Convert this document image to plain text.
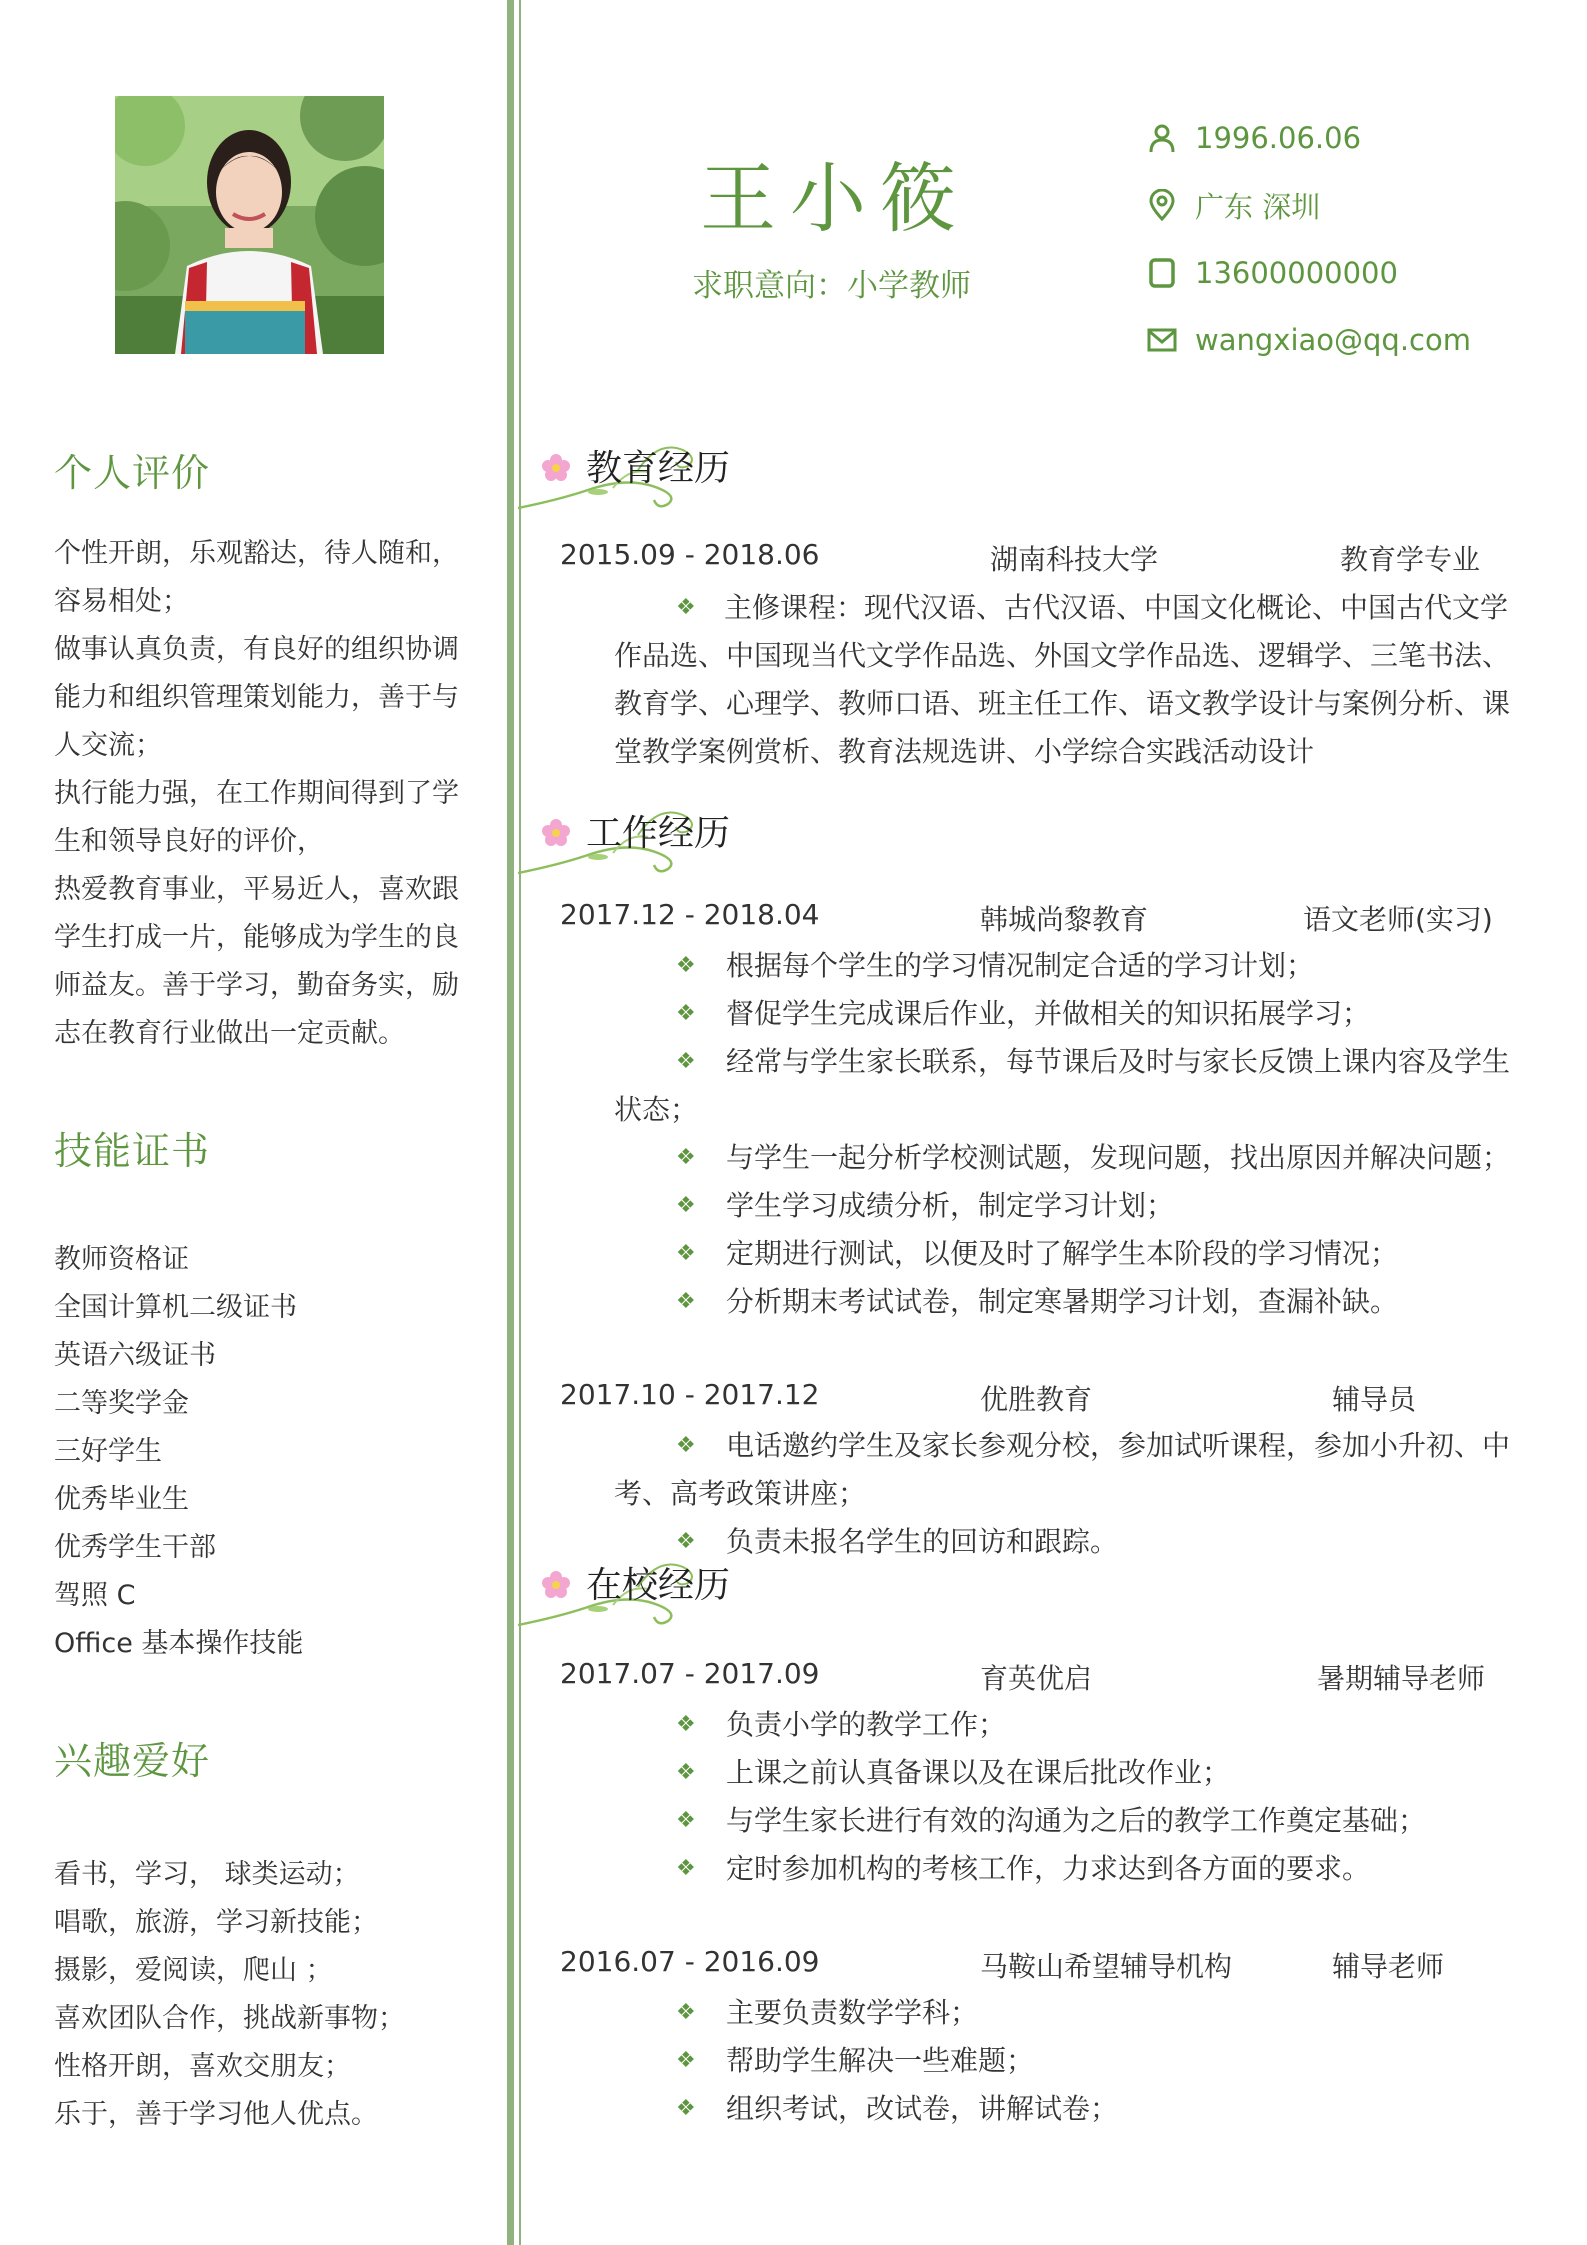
个人评价
个性开朗，乐观豁达，待人随和，
容易相处；
做事认真负责，有良好的组织协调
能力和组织管理策划能力，善于与
人交流；
执行能力强，在工作期间得到了学
生和领导良好的评价，
热爱教育事业，平易近人，喜欢跟
学生打成一片，能够成为学生的良
师益友。善于学习，勤奋务实，励
志在教育行业做出一定贡献。
技能证书
教师资格证
全国计算机二级证书
英语六级证书
二等奖学金
三好学生
优秀毕业生
优秀学生干部
驾照 C
Office 基本操作技能
兴趣爱好
看书，学习， 球类运动；
唱歌，旅游，学习新技能；
摄影，爱阅读，爬山 ；
喜欢团队合作，挑战新事物；
性格开朗，喜欢交朋友；
乐于，善于学习他人优点。
王小筱
求职意向：小学教师
1996.06.06
广东 深圳
13600000000
wangxiao@qq.com
教育经历
2015.09 - 2018.06	湖南科技大学	教育学专业
❖ 主修课程：现代汉语、古代汉语、中国文化概论、中国古代文学
作品选、中国现当代文学作品选、外国文学作品选、逻辑学、三笔书法、
教育学、心理学、教师口语、班主任工作、语文教学设计与案例分析、课
堂教学案例赏析、教育法规选讲、小学综合实践活动设计
工作经历
2017.12 - 2018.04	韩城尚黎教育	语文老师(实习)
❖ 根据每个学生的学习情况制定合适的学习计划；
❖ 督促学生完成课后作业，并做相关的知识拓展学习；
❖ 经常与学生家长联系，每节课后及时与家长反馈上课内容及学生
状态；
❖ 与学生一起分析学校测试题，发现问题，找出原因并解决问题；
❖ 学生学习成绩分析，制定学习计划；
❖ 定期进行测试，以便及时了解学生本阶段的学习情况；
❖ 分析期末考试试卷，制定寒暑期学习计划，查漏补缺。
2017.10 - 2017.12	优胜教育	辅导员
❖ 电话邀约学生及家长参观分校，参加试听课程，参加小升初、中
考、高考政策讲座；
❖ 负责未报名学生的回访和跟踪。
在校经历
2017.07 - 2017.09	育英优启	暑期辅导老师
❖ 负责小学的教学工作；
❖ 上课之前认真备课以及在课后批改作业；
❖ 与学生家长进行有效的沟通为之后的教学工作奠定基础；
❖ 定时参加机构的考核工作，力求达到各方面的要求。
2016.07 - 2016.09	马鞍山希望辅导机构	辅导老师
❖ 主要负责数学学科；
❖ 帮助学生解决一些难题；
❖ 组织考试，改试卷，讲解试卷；
